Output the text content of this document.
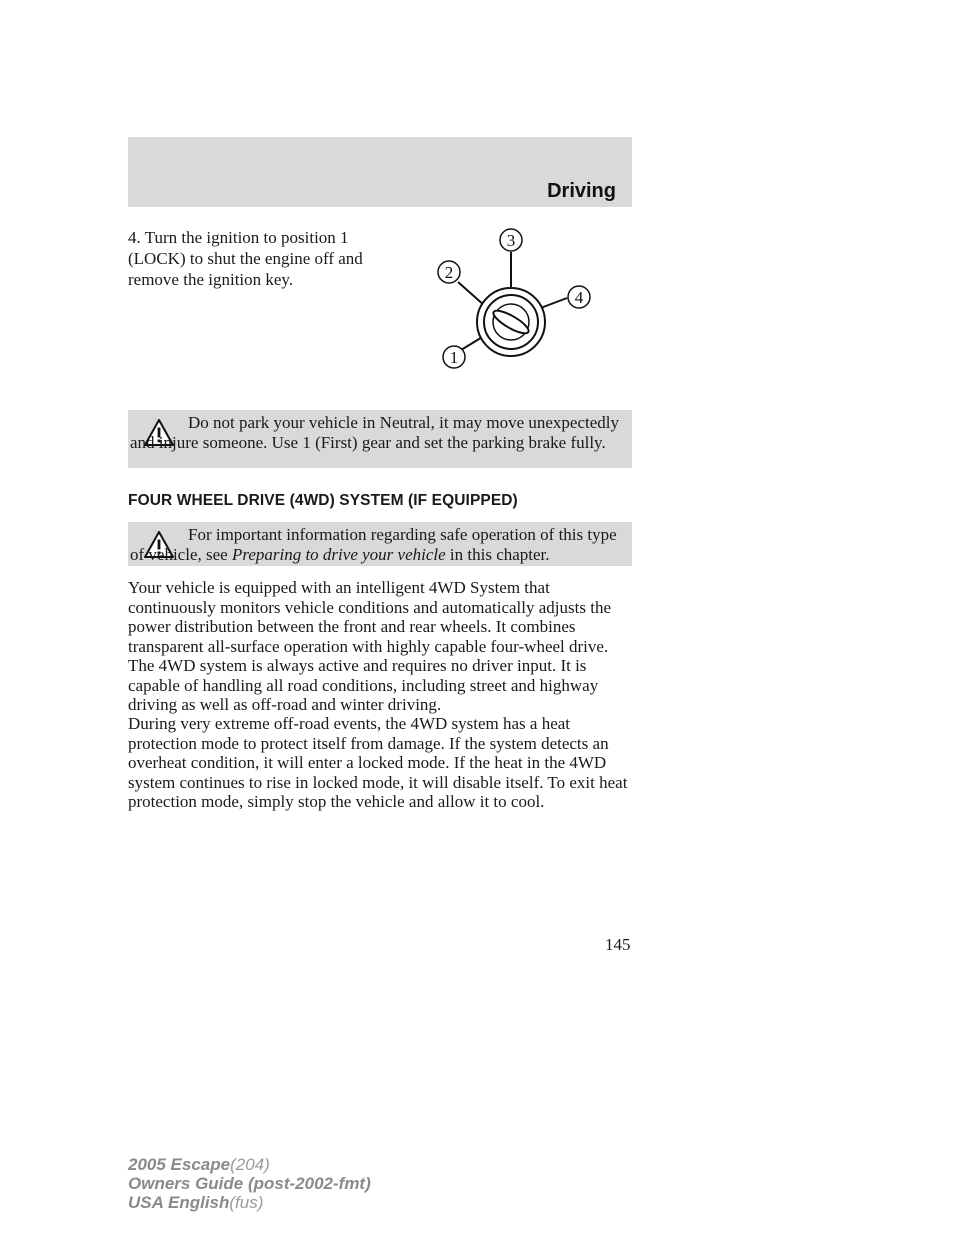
Driving

4. Turn the ignition to position 1 (LOCK) to shut the engine off and remove the ignition key.

3
2
4
1

Do not park your vehicle in Neutral, it may move unexpectedly and injure someone. Use 1 (First) gear and set the parking brake fully.

FOUR WHEEL DRIVE (4WD) SYSTEM (IF EQUIPPED)

For important information regarding safe operation of this type of vehicle, see Preparing to drive your vehicle in this chapter.

Your vehicle is equipped with an intelligent 4WD System that continuously monitors vehicle conditions and automatically adjusts the power distribution between the front and rear wheels. It combines transparent all-surface operation with highly capable four-wheel drive.

The 4WD system is always active and requires no driver input. It is capable of handling all road conditions, including street and highway driving as well as off-road and winter driving.

During very extreme off-road events, the 4WD system has a heat protection mode to protect itself from damage. If the system detects an overheat condition, it will enter a locked mode. If the heat in the 4WD system continues to rise in locked mode, it will disable itself. To exit heat protection mode, simply stop the vehicle and allow it to cool.

145
2005 Escape(204)
Owners Guide (post-2002-fmt)
USA English(fus)
